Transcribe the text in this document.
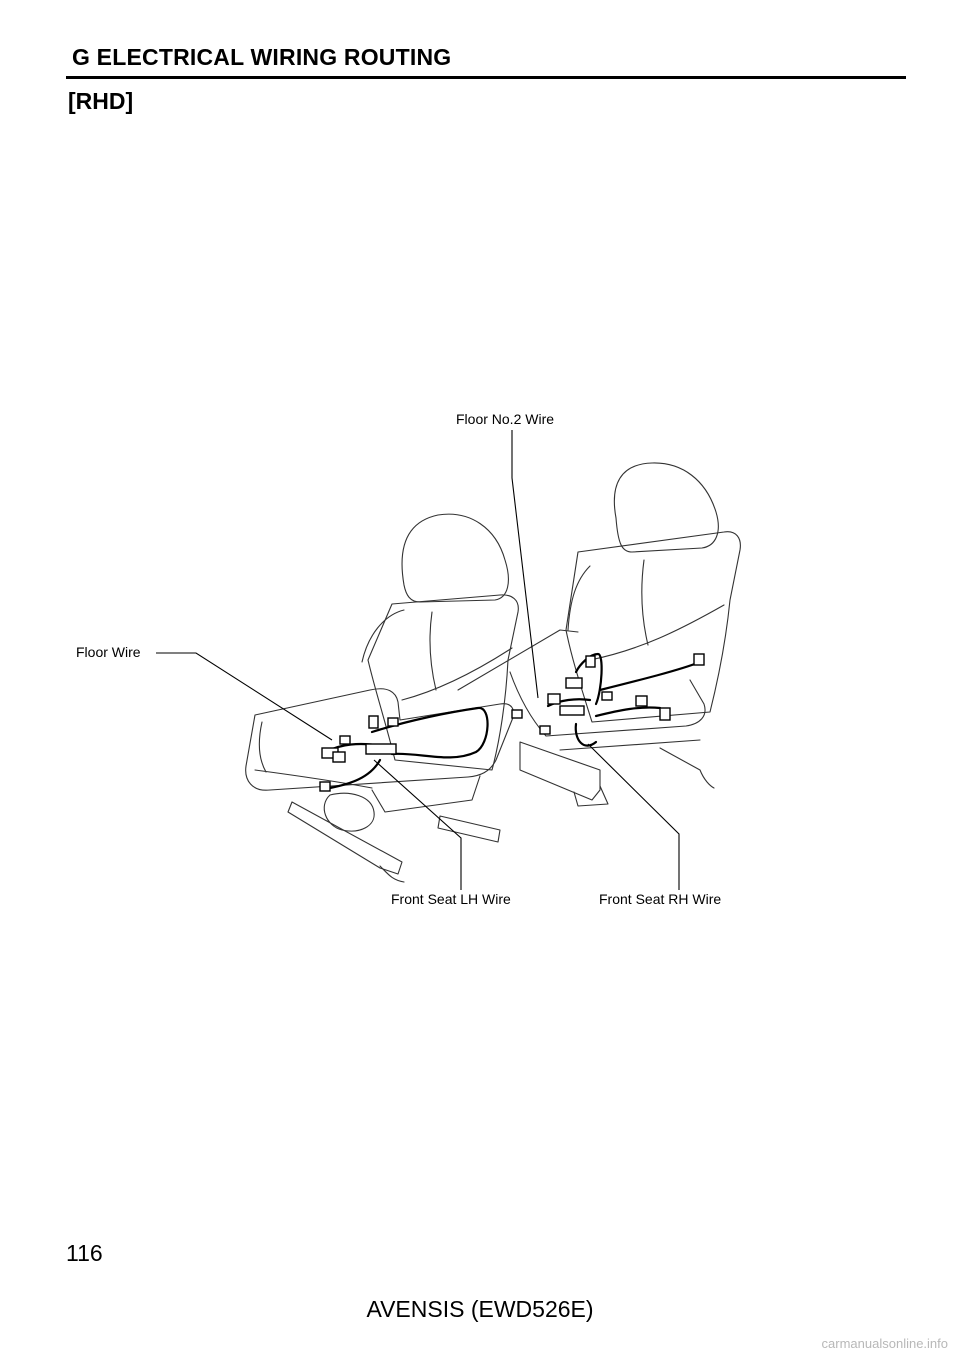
G ELECTRICAL WIRING ROUTING
[RHD]
Floor No.2 Wire
Floor Wire
Front Seat LH Wire	Front Seat RH Wire
116
AVENSIS (EWD526E)
carmanualsonline.info
